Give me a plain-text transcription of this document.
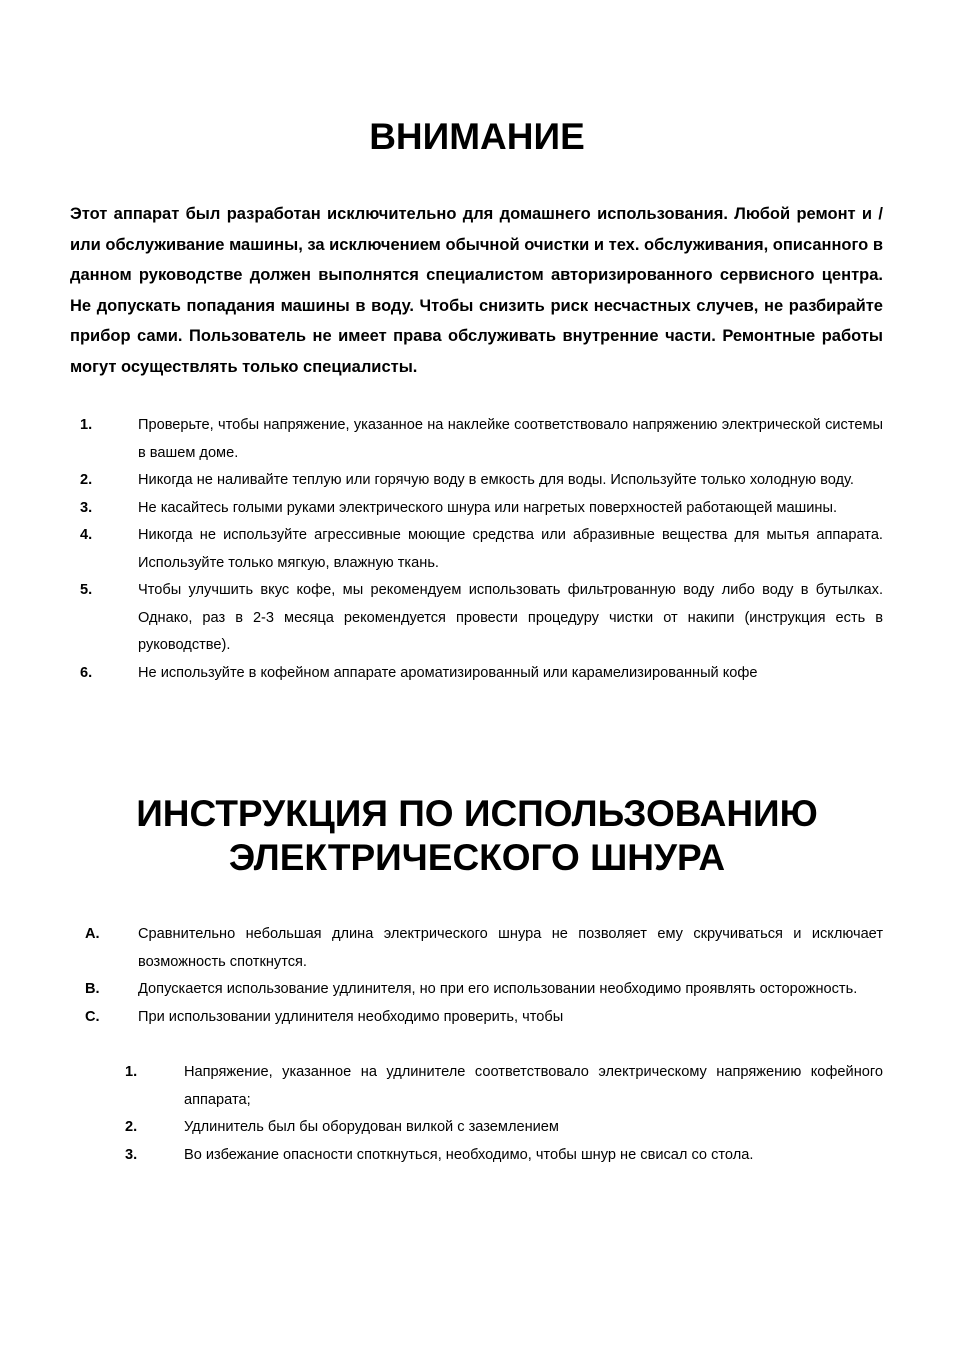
ВНИМАНИЕ

Этот аппарат был разработан исключительно для домашнего использования. Любой ремонт и / или обслуживание машины, за исключением обычной очистки и тех. обслуживания, описанного в данном руководстве должен выполнятся специалистом авторизированного сервисного центра. Не допускать попадания машины в воду. Чтобы снизить риск несчастных случев, не разбирайте прибор сами. Пользователь не имеет права обслуживать внутренние части. Ремонтные работы могут осуществлять только специалисты.

1.	Проверьте, чтобы напряжение, указанное на наклейке соответствовало напряжению электрической системы в вашем доме.
2.	Никогда не наливайте теплую или горячую воду в емкость для воды. Используйте только холодную воду.
3.	Не касайтесь голыми руками электрического шнура или нагретых поверхностей работающей машины.
4.	Никогда не используйте агрессивные моющие средства или абразивные вещества для мытья аппарата. Используйте только мягкую, влажную ткань.
5.	Чтобы улучшить вкус кофе, мы рекомендуем использовать фильтрованную воду либо воду в бутылках. Однако, раз в 2-3 месяца рекомендуется провести процедуру чистки от накипи (инструкция есть в руководстве).
6.	Не используйте в кофейном аппарате ароматизированный или карамелизированный кофе
ИНСТРУКЦИЯ ПО ИСПОЛЬЗОВАНИЮ
ЭЛЕКТРИЧЕСКОГО ШНУРА
A.	Сравнительно небольшая длина электрического шнура не позволяет ему скручиваться и исключает возможность споткнутся.
B.	Допускается использование удлинителя, но при его использовании необходимо проявлять осторожность.
C.	При использовании удлинителя необходимо проверить, чтобы
1.	Напряжение, указанное на удлинителе соответствовало электрическому напряжению кофейного аппарата;
2.	Удлинитель был бы оборудован вилкой с заземлением
3.	Во избежание опасности споткнуться, необходимо, чтобы шнур не свисал со стола.
